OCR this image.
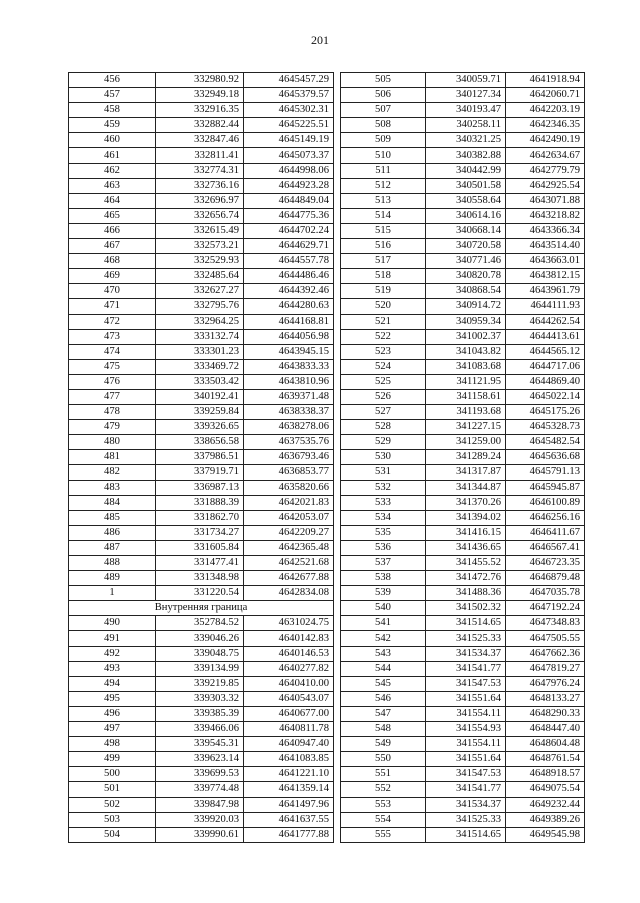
201
456	332980.92	4645457.29
457	332949.18	4645379.57
458	332916.35	4645302.31
459	332882.44	4645225.51
460	332847.46	4645149.19
461	332811.41	4645073.37
462	332774.31	4644998.06
463	332736.16	4644923.28
464	332696.97	4644849.04
465	332656.74	4644775.36
466	332615.49	4644702.24
467	332573.21	4644629.71
468	332529.93	4644557.78
469	332485.64	4644486.46
470	332627.27	4644392.46
471	332795.76	4644280.63
472	332964.25	4644168.81
473	333132.74	4644056.98
474	333301.23	4643945.15
475	333469.72	4643833.33
476	333503.42	4643810.96
477	340192.41	4639371.48
478	339259.84	4638338.37
479	339326.65	4638278.06
480	338656.58	4637535.76
481	337986.51	4636793.46
482	337919.71	4636853.77
483	336987.13	4635820.66
484	331888.39	4642021.83
485	331862.70	4642053.07
486	331734.27	4642209.27
487	331605.84	4642365.48
488	331477.41	4642521.68
489	331348.98	4642677.88
1	331220.54	4642834.08
Внутренняя граница		
490	352784.52	4631024.75
491	339046.26	4640142.83
492	339048.75	4640146.53
493	339134.99	4640277.82
494	339219.85	4640410.00
495	339303.32	4640543.07
496	339385.39	4640677.00
497	339466.06	4640811.78
498	339545.31	4640947.40
499	339623.14	4641083.85
500	339699.53	4641221.10
501	339774.48	4641359.14
502	339847.98	4641497.96
503	339920.03	4641637.55
504	339990.61	4641777.88
505	340059.71	4641918.94
506	340127.34	4642060.71
507	340193.47	4642203.19
508	340258.11	4642346.35
509	340321.25	4642490.19
510	340382.88	4642634.67
511	340442.99	4642779.79
512	340501.58	4642925.54
513	340558.64	4643071.88
514	340614.16	4643218.82
515	340668.14	4643366.34
516	340720.58	4643514.40
517	340771.46	4643663.01
518	340820.78	4643812.15
519	340868.54	4643961.79
520	340914.72	4644111.93
521	340959.34	4644262.54
522	341002.37	4644413.61
523	341043.82	4644565.12
524	341083.68	4644717.06
525	341121.95	4644869.40
526	341158.61	4645022.14
527	341193.68	4645175.26
528	341227.15	4645328.73
529	341259.00	4645482.54
530	341289.24	4645636.68
531	341317.87	4645791.13
532	341344.87	4645945.87
533	341370.26	4646100.89
534	341394.02	4646256.16
535	341416.15	4646411.67
536	341436.65	4646567.41
537	341455.52	4646723.35
538	341472.76	4646879.48
539	341488.36	4647035.78
540	341502.32	4647192.24
541	341514.65	4647348.83
542	341525.33	4647505.55
543	341534.37	4647662.36
544	341541.77	4647819.27
545	341547.53	4647976.24
546	341551.64	4648133.27
547	341554.11	4648290.33
548	341554.93	4648447.40
549	341554.11	4648604.48
550	341551.64	4648761.54
551	341547.53	4648918.57
552	341541.77	4649075.54
553	341534.37	4649232.44
554	341525.33	4649389.26
555	341514.65	4649545.98
